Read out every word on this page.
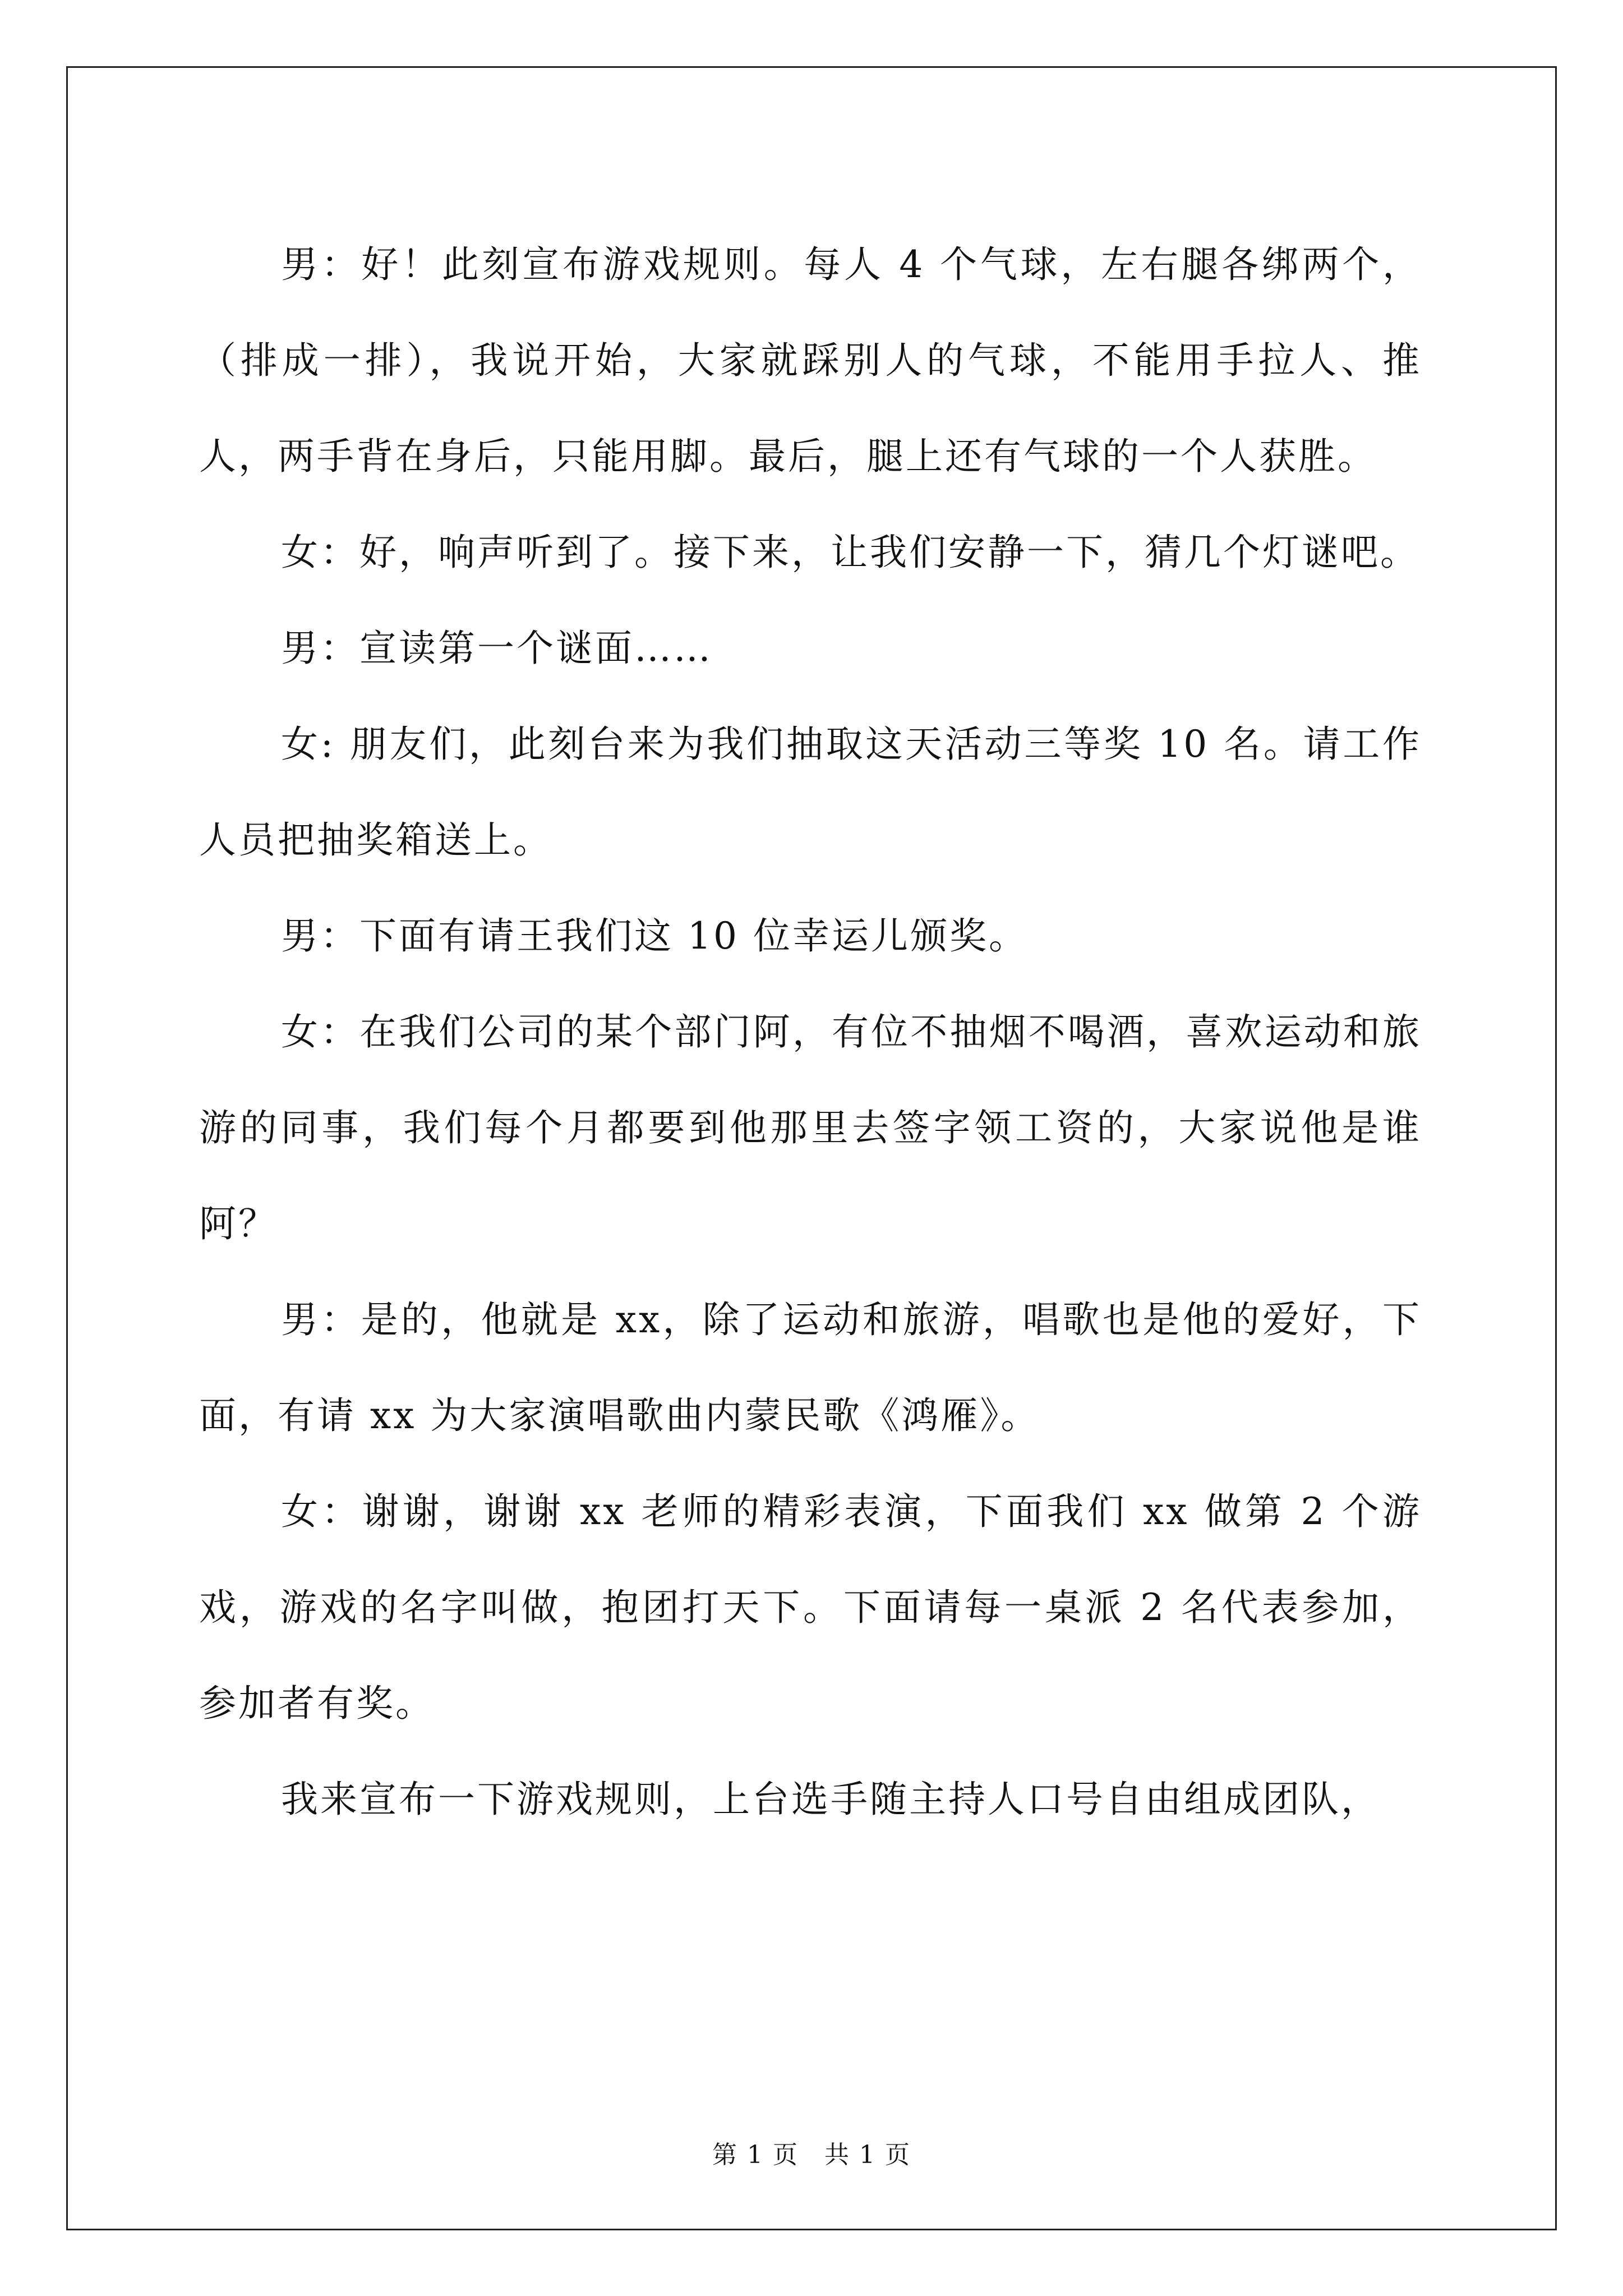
男：好！此刻宣布游戏规则。每人 4 个气球，左右腿各绑两个，（排成一排），我说开始，大家就踩别人的气球，不能用手拉人、推人，两手背在身后，只能用脚。最后，腿上还有气球的一个人获胜。

女：好，响声听到了。接下来，让我们安静一下，猜几个灯谜吧。

男：宣读第一个谜面……

女: 朋友们，此刻台来为我们抽取这天活动三等奖 10 名。请工作人员把抽奖箱送上。

男：下面有请王我们这 10 位幸运儿颁奖。

女：在我们公司的某个部门阿，有位不抽烟不喝酒，喜欢运动和旅游的同事，我们每个月都要到他那里去签字领工资的，大家说他是谁阿？

男：是的，他就是 xx，除了运动和旅游，唱歌也是他的爱好，下面，有请 xx 为大家演唱歌曲内蒙民歌《鸿雁》。

女：谢谢，谢谢 xx 老师的精彩表演，下面我们 xx 做第 2 个游戏，游戏的名字叫做，抱团打天下。下面请每一桌派 2 名代表参加，参加者有奖。

我来宣布一下游戏规则，上台选手随主持人口号自由组成团队，

第 1 页　共 1 页
